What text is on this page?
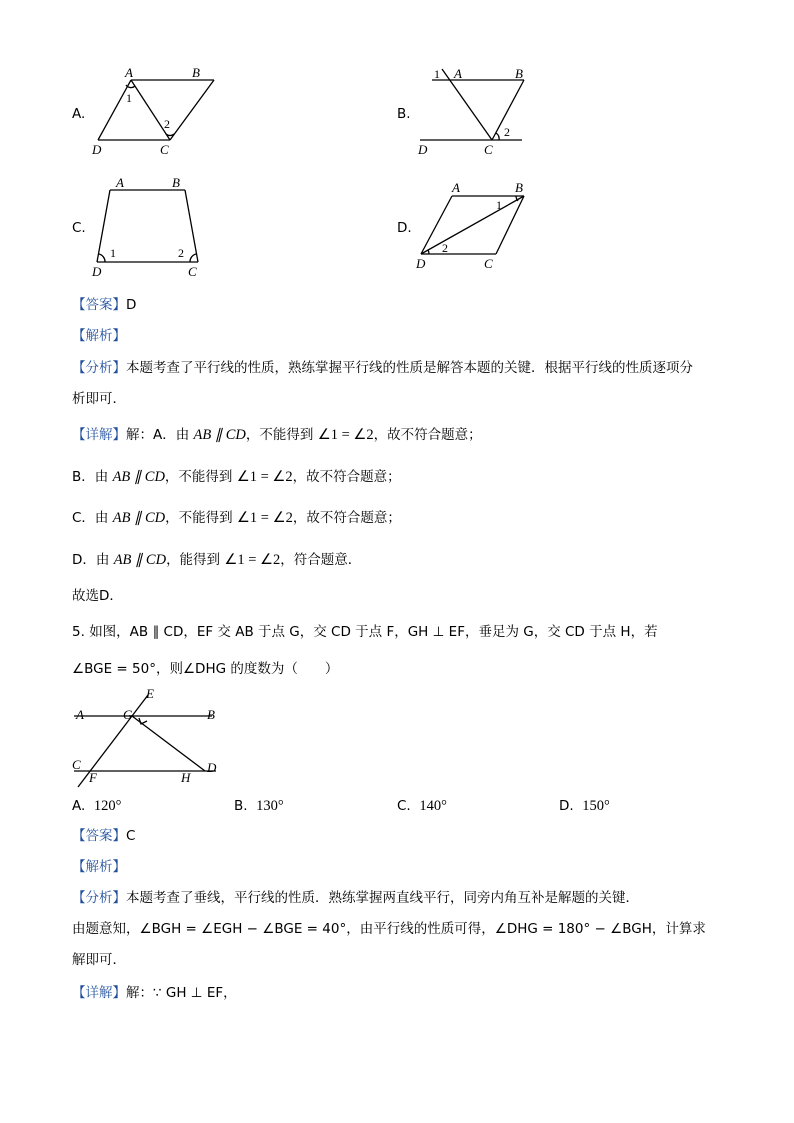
A.
A	B
D	C
1
2
B.
1 A	B
D	C
2
C.
A	B
D	C
1	2
D.
A	B
D	C
1
2
【答案】D
【解析】
【分析】本题考查了平行线的性质，熟练掌握平行线的性质是解答本题的关键．根据平行线的性质逐项分
析即可．
【详解】解：A．由 AB ∥ CD，不能得到 ∠1 = ∠2，故不符合题意；
B．由 AB ∥ CD，不能得到 ∠1 = ∠2，故不符合题意；
C．由 AB ∥ CD，不能得到 ∠1 = ∠2，故不符合题意；
D．由 AB ∥ CD，能得到 ∠1 = ∠2，符合题意．
故选D．
5. 如图，AB ∥ CD，EF 交 AB 于点 G，交 CD 于点 F，GH ⊥ EF，垂足为 G，交 CD 于点 H，若
∠BGE = 50°，则∠DHG 的度数为（　　）
A	B
C	D
E
F
G
H
A. 120°	B. 130°	C. 140°	D. 150°
【答案】C
【解析】
【分析】本题考查了垂线，平行线的性质．熟练掌握两直线平行，同旁内角互补是解题的关键．
由题意知，∠BGH = ∠EGH − ∠BGE = 40°，由平行线的性质可得，∠DHG = 180° − ∠BGH，计算求
解即可．
【详解】解：∵ GH ⊥ EF，
